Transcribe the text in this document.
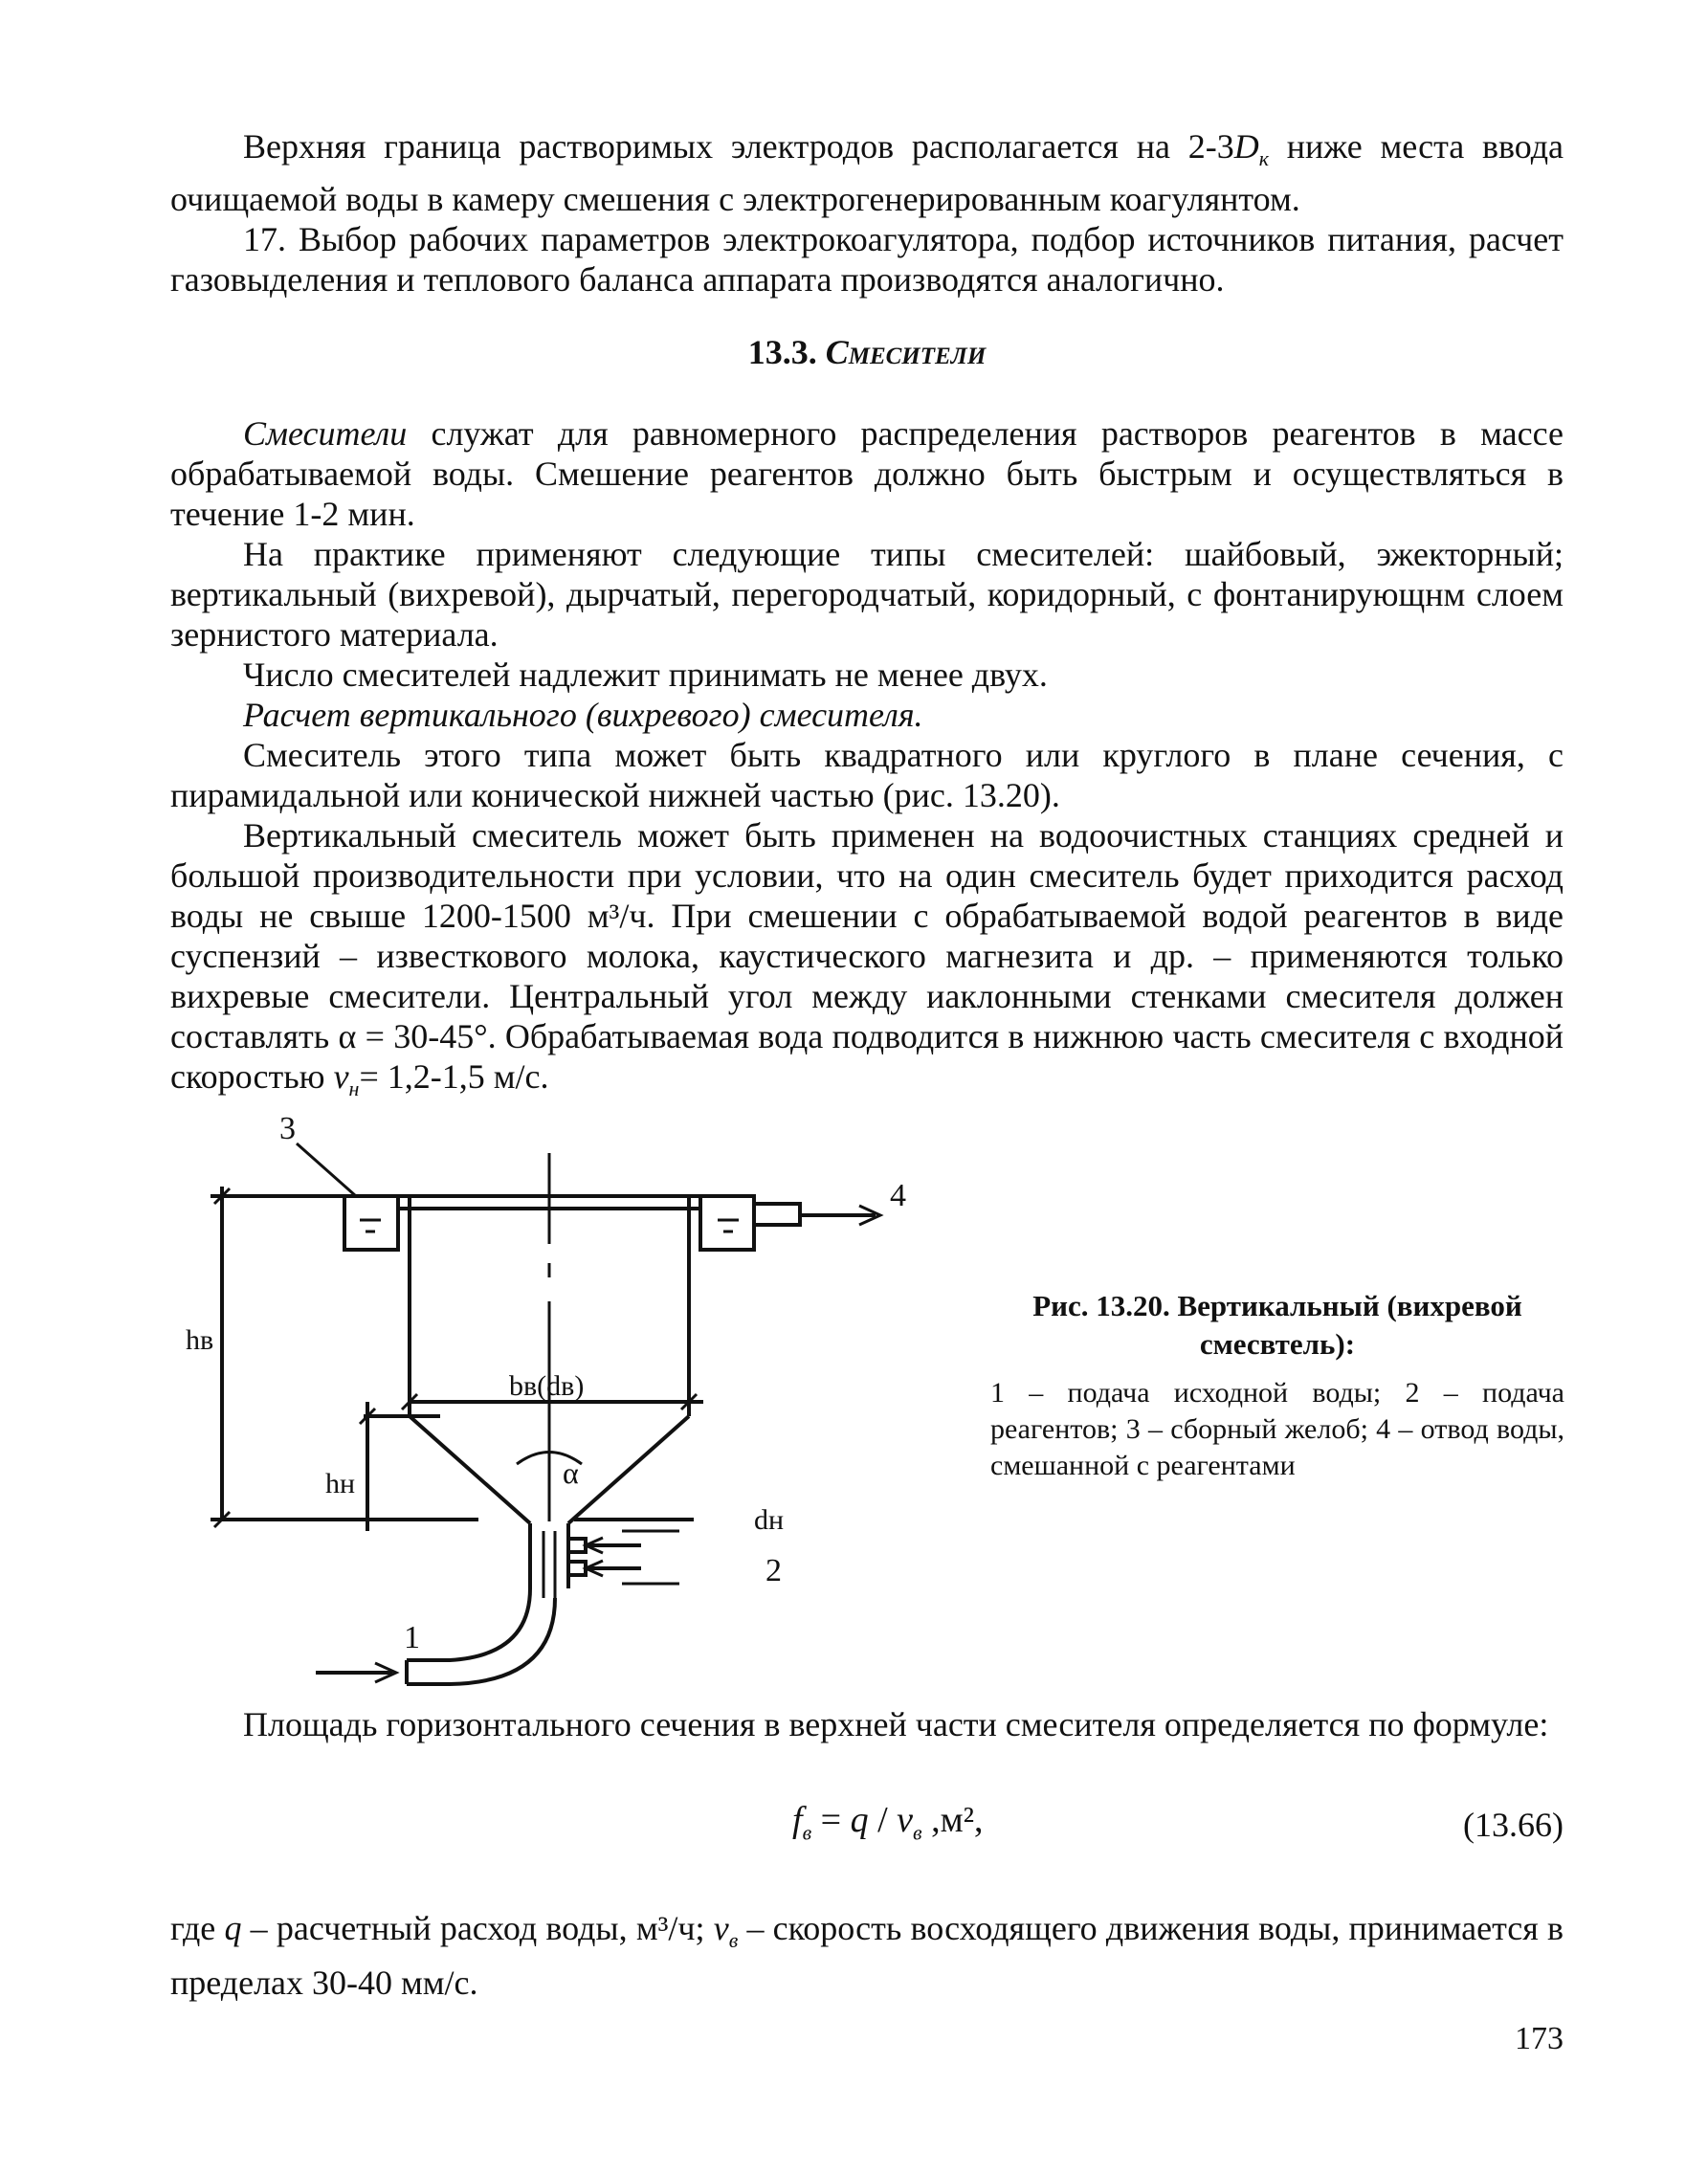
Верхняя граница растворимых электродов располагается на $2-3D_к$ ниже места ввода очищаемой воды в камеру смешения с электрогенерированным коагулянтом.

17. Выбор рабочих параметров электрокоагулятора, подбор источников питания, расчет газовыделения и теплового баланса аппарата производятся аналогично.

13.3. Смесители

Смесители служат для равномерного распределения растворов реагентов в массе обрабатываемой воды. Смешение реагентов должно быть быстрым и осуществляться в течение 1-2 мин.

На практике применяют следующие типы смесителей: шайбовый, эжекторный; вертикальный (вихревой), дырчатый, перегородчатый, коридорный, с фонтанирующнм слоем зернистого материала.

Число смесителей надлежит принимать не менее двух.

Расчет вертикального (вихревого) смесителя.

Смеситель этого типа может быть квадратного или круглого в плане сечения, с пирамидальной или конической нижней частью (рис. 13.20).

Вертикальный смеситель может быть применен на водоочистных станциях средней и большой производительности при условии, что на один смеситель будет приходится расход воды не свыше 1200-1500 м³/ч. При смешении с обрабатываемой водой реагентов в виде суспензий – известкового молока, каустического магнезита и др. – применяются только вихревые смесители. Центральный угол между иаклонными стенками смесителя должен составлять α = 30-45°. Обрабатываемая вода подводится в нижнюю часть смесителя с входной скоростью $v_н= 1,2-1,5$ м/с.

3
4
1
2
hв
hн
bв(dв)
α
dн

Рис. 13.20. Вертикальный (вихревой смесвтель):

1 – подача исходной воды; 2 – подача реагентов; 3 – сборный желоб; 4 – отвод воды, смешанной с реагентами

Площадь горизонтального сечения в верхней части смесителя определяется по формуле:

$f_в = q / v_в$ ,м²,	(13.66)
где q – расчетный расход воды, м³/ч; $v_в$ – скорость восходящего движения воды, принимается в пределах 30-40 мм/с.
173
